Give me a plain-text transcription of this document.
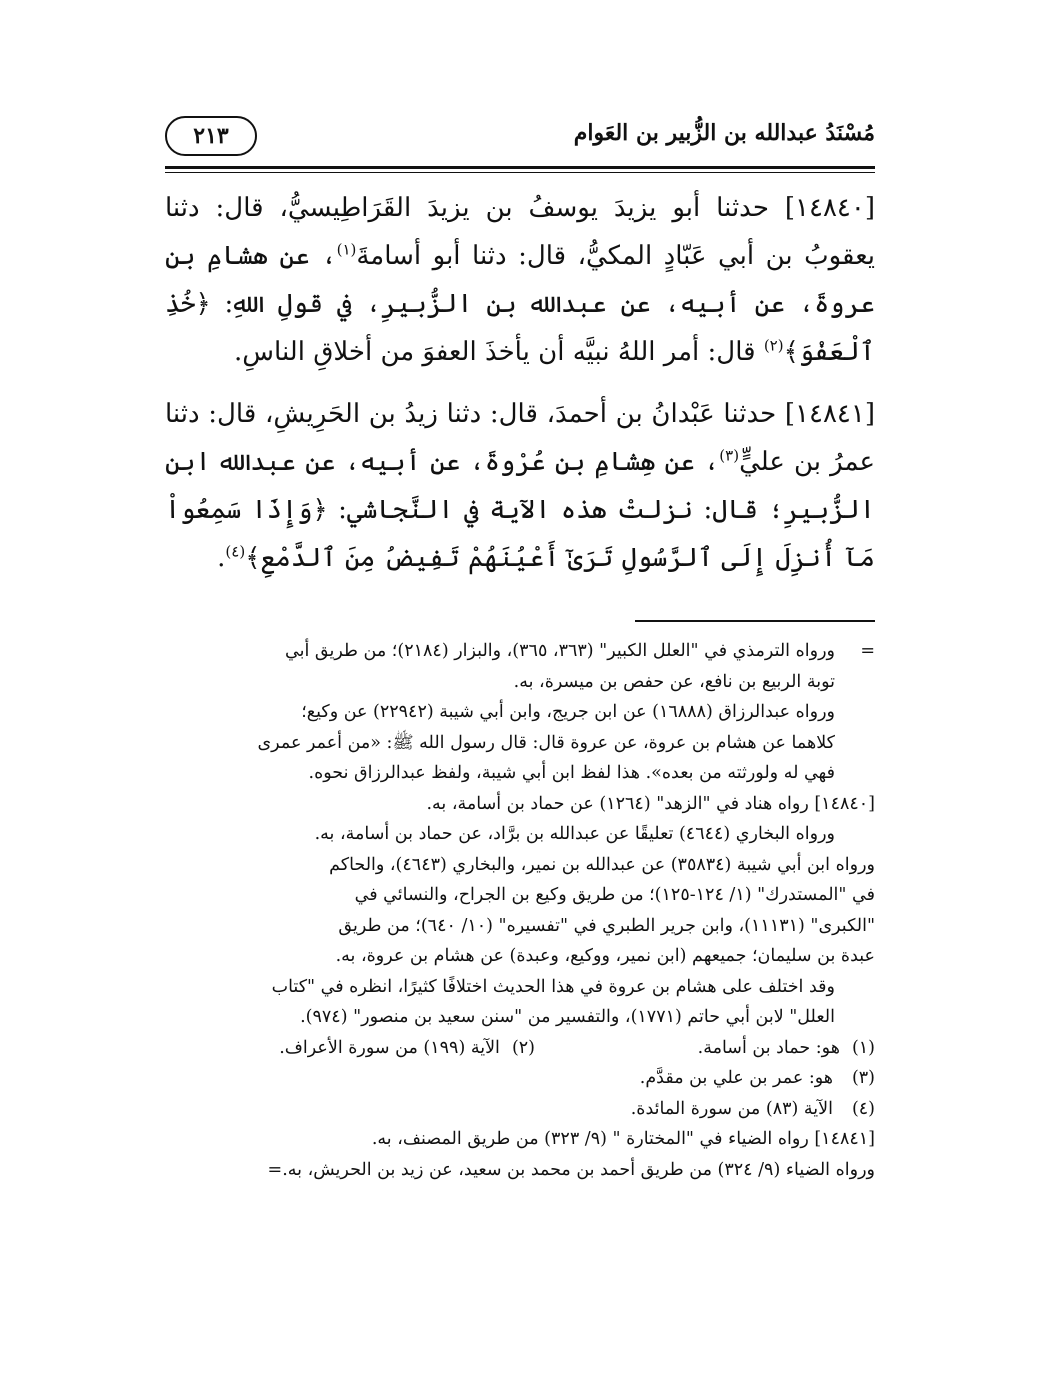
مُسْنَدُ عبدالله بن الزُّبير بن العَوام
٢١٣

[١٤٨٤٠] حدثنا أبو يزيدَ يوسفُ بن يزيدَ القَرَاطِيسيُّ، قال: دثنا يعقوبُ بن أبي عَبّادٍ المكيُّ، قال: دثنا أبو أسامةَ$^{(١)}$، عن هشامِ بن عروةَ، عن أبيه، عن عبدالله بن الزُّبيرِ، في قولِ اللهِ: ﴿خُذِ ٱلْعَفْوَ﴾$^{(٢)}$ قال: أمر اللهُ نبيَّه أن يأخذَ العفوَ من أخلاقِ الناسِ.

[١٤٨٤١] حدثنا عَبْدانُ بن أحمدَ، قال: دثنا زيدُ بن الحَرِيشِ، قال: دثنا عمرُ بن عليٍّ$^{(٣)}$، عن هِشامِ بنِ عُرْوةَ، عن أبيه، عن عبدالله ابن الزُّبيرِ؛ قال: نزلتْ هذه الآية في النَّجاشي: ﴿وَإِذَا سَمِعُواْ مَآ أُنزِلَ إِلَى ٱلرَّسُولِ تَرَىٰٓ أَعْيُنَهُمْ تَفِيضُ مِنَ ٱلدَّمْعِ﴾$^{(٤)}$.

= ورواه الترمذي في "العلل الكبير" (٣٦٣، ٣٦٥)، والبزار (٢١٨٤)؛ من طريق أبي
توبة الربيع بن نافع، عن حفص بن ميسرة، به.
ورواه عبدالرزاق (١٦٨٨٨) عن ابن جريج، وابن أبي شيبة (٢٢٩٤٢) عن وكيع؛
كلاهما عن هشام بن عروة، عن عروة قال: قال رسول الله ﷺ: «من أعمر عمرى
فهي له ولورثته من بعده». هذا لفظ ابن أبي شيبة، ولفظ عبدالرزاق نحوه.
[١٤٨٤٠] رواه هناد في "الزهد" (١٢٦٤) عن حماد بن أسامة، به.
ورواه البخاري (٤٦٤٤) تعليقًا عن عبدالله بن برَّاد، عن حماد بن أسامة، به.
ورواه ابن أبي شيبة (٣٥٨٣٤) عن عبدالله بن نمير، والبخاري (٤٦٤٣)، والحاكم
في "المستدرك" (١/ ١٢٤-١٢٥)؛ من طريق وكيع بن الجراح، والنسائي في
"الكبرى" (١١١٣١)، وابن جرير الطبري في "تفسيره" (١٠/ ٦٤٠)؛ من طريق
عبدة بن سليمان؛ جميعهم (ابن نمير، ووكيع، وعبدة) عن هشام بن عروة، به.
وقد اختلف على هشام بن عروة في هذا الحديث اختلافًا كثيرًا، انظره في "كتاب
العلل" لابن أبي حاتم (١٧٧١)، والتفسير من "سنن سعيد بن منصور" (٩٧٤).
(١)
هو: حماد بن أسامة.
(٢)
الآية (١٩٩) من سورة الأعراف.
(٣)
هو: عمر بن علي بن مقدَّم.
(٤)
الآية (٨٣) من سورة المائدة.
[١٤٨٤١] رواه الضياء في "المختارة " (٩/ ٣٢٣) من طريق المصنف، به.
ورواه الضياء (٩/ ٣٢٤) من طريق أحمد بن محمد بن سعيد، عن زيد بن الحريش، به.=
